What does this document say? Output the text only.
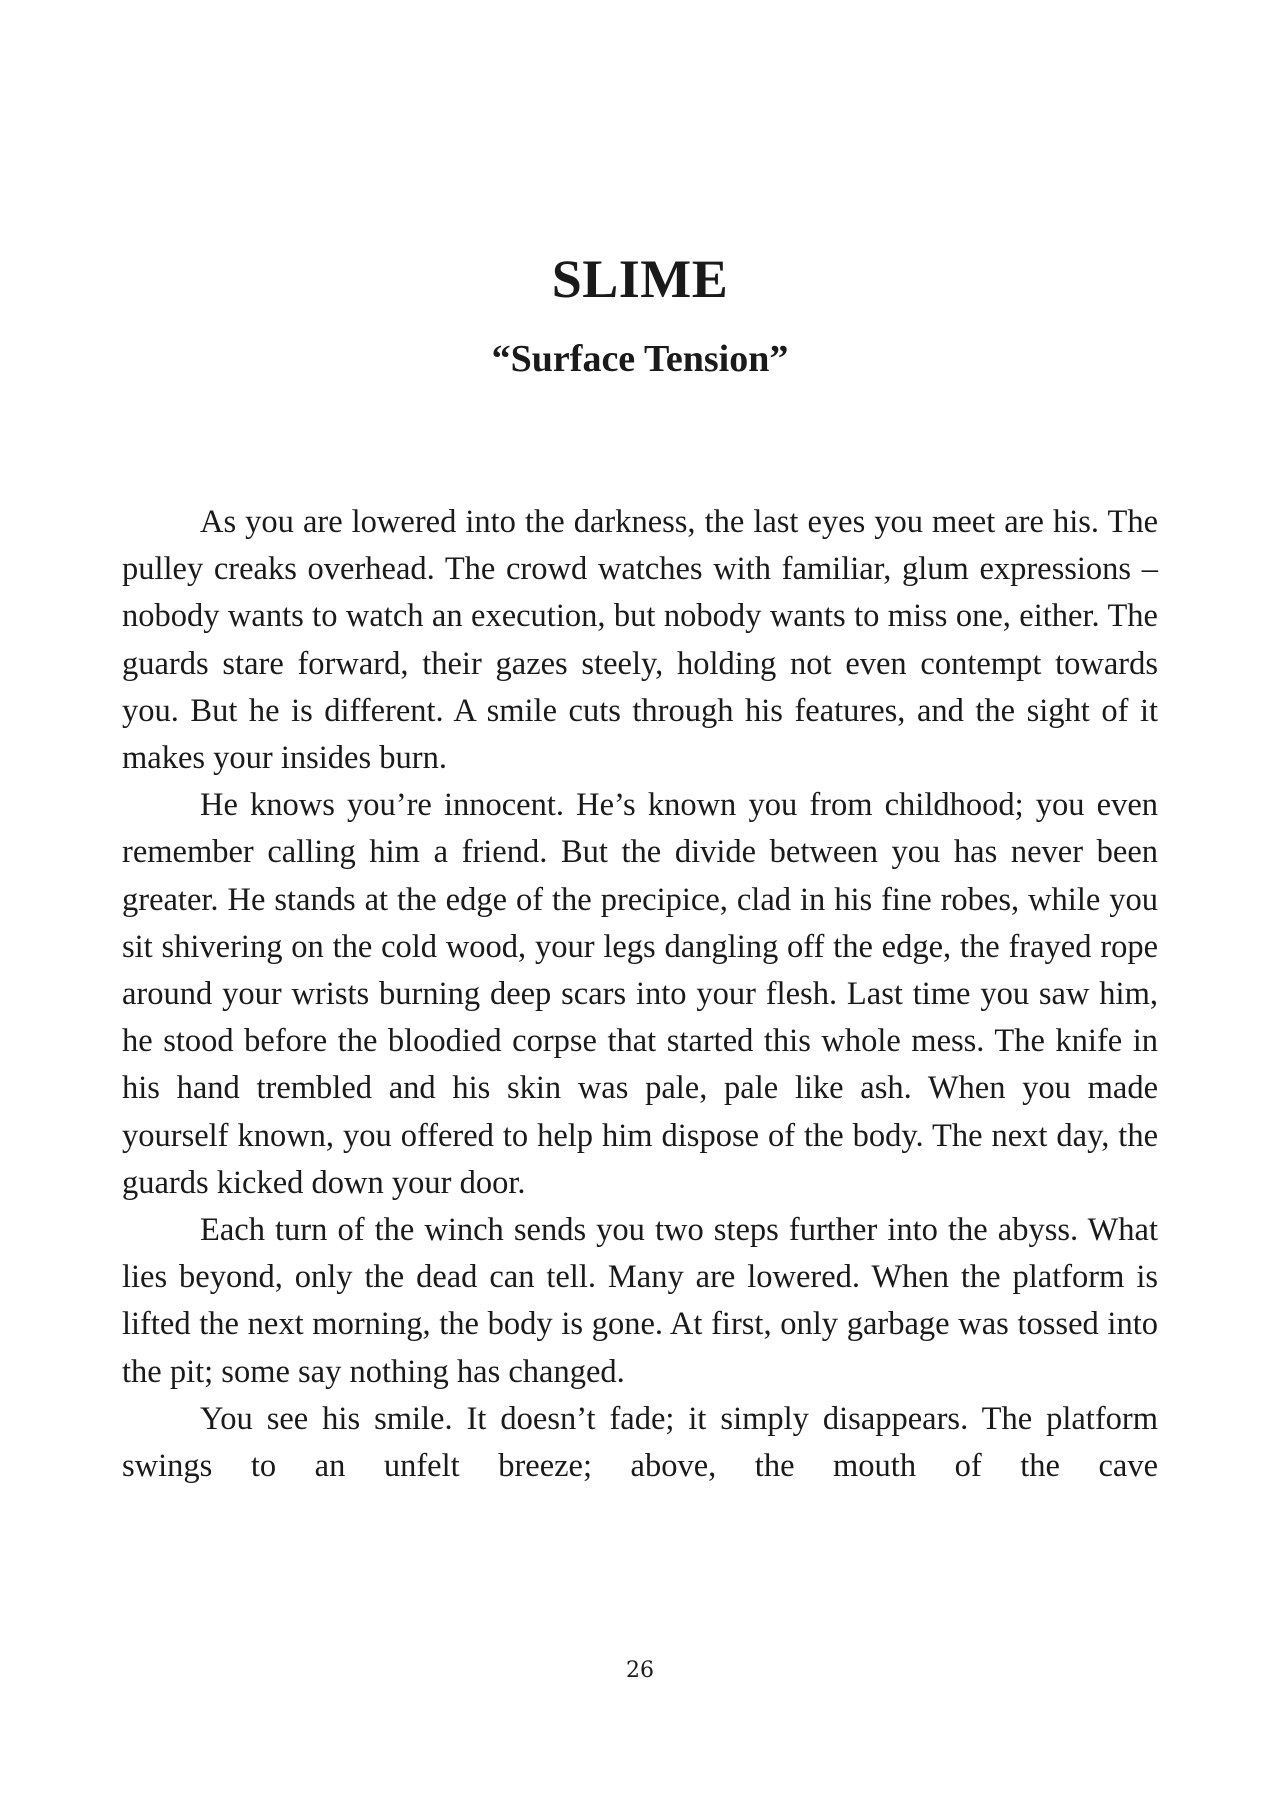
SLIME
“Surface Tension”

As you are lowered into the darkness, the last eyes you meet are his. The pulley creaks overhead. The crowd watches with familiar, glum expressions – nobody wants to watch an execution, but nobody wants to miss one, either. The guards stare forward, their gazes steely, holding not even contempt towards you. But he is different. A smile cuts through his features, and the sight of it makes your insides burn.

He knows you’re innocent. He’s known you from childhood; you even remember calling him a friend. But the divide between you has never been greater. He stands at the edge of the precipice, clad in his fine robes, while you sit shivering on the cold wood, your legs dangling off the edge, the frayed rope around your wrists burning deep scars into your flesh. Last time you saw him, he stood before the bloodied corpse that started this whole mess. The knife in his hand trembled and his skin was pale, pale like ash. When you made yourself known, you offered to help him dispose of the body. The next day, the guards kicked down your door.

Each turn of the winch sends you two steps further into the abyss. What lies beyond, only the dead can tell. Many are lowered. When the platform is lifted the next morning, the body is gone. At first, only garbage was tossed into the pit; some say nothing has changed.

You see his smile. It doesn’t fade; it simply disappears. The platform swings to an unfelt breeze; above, the mouth of the cave

26
